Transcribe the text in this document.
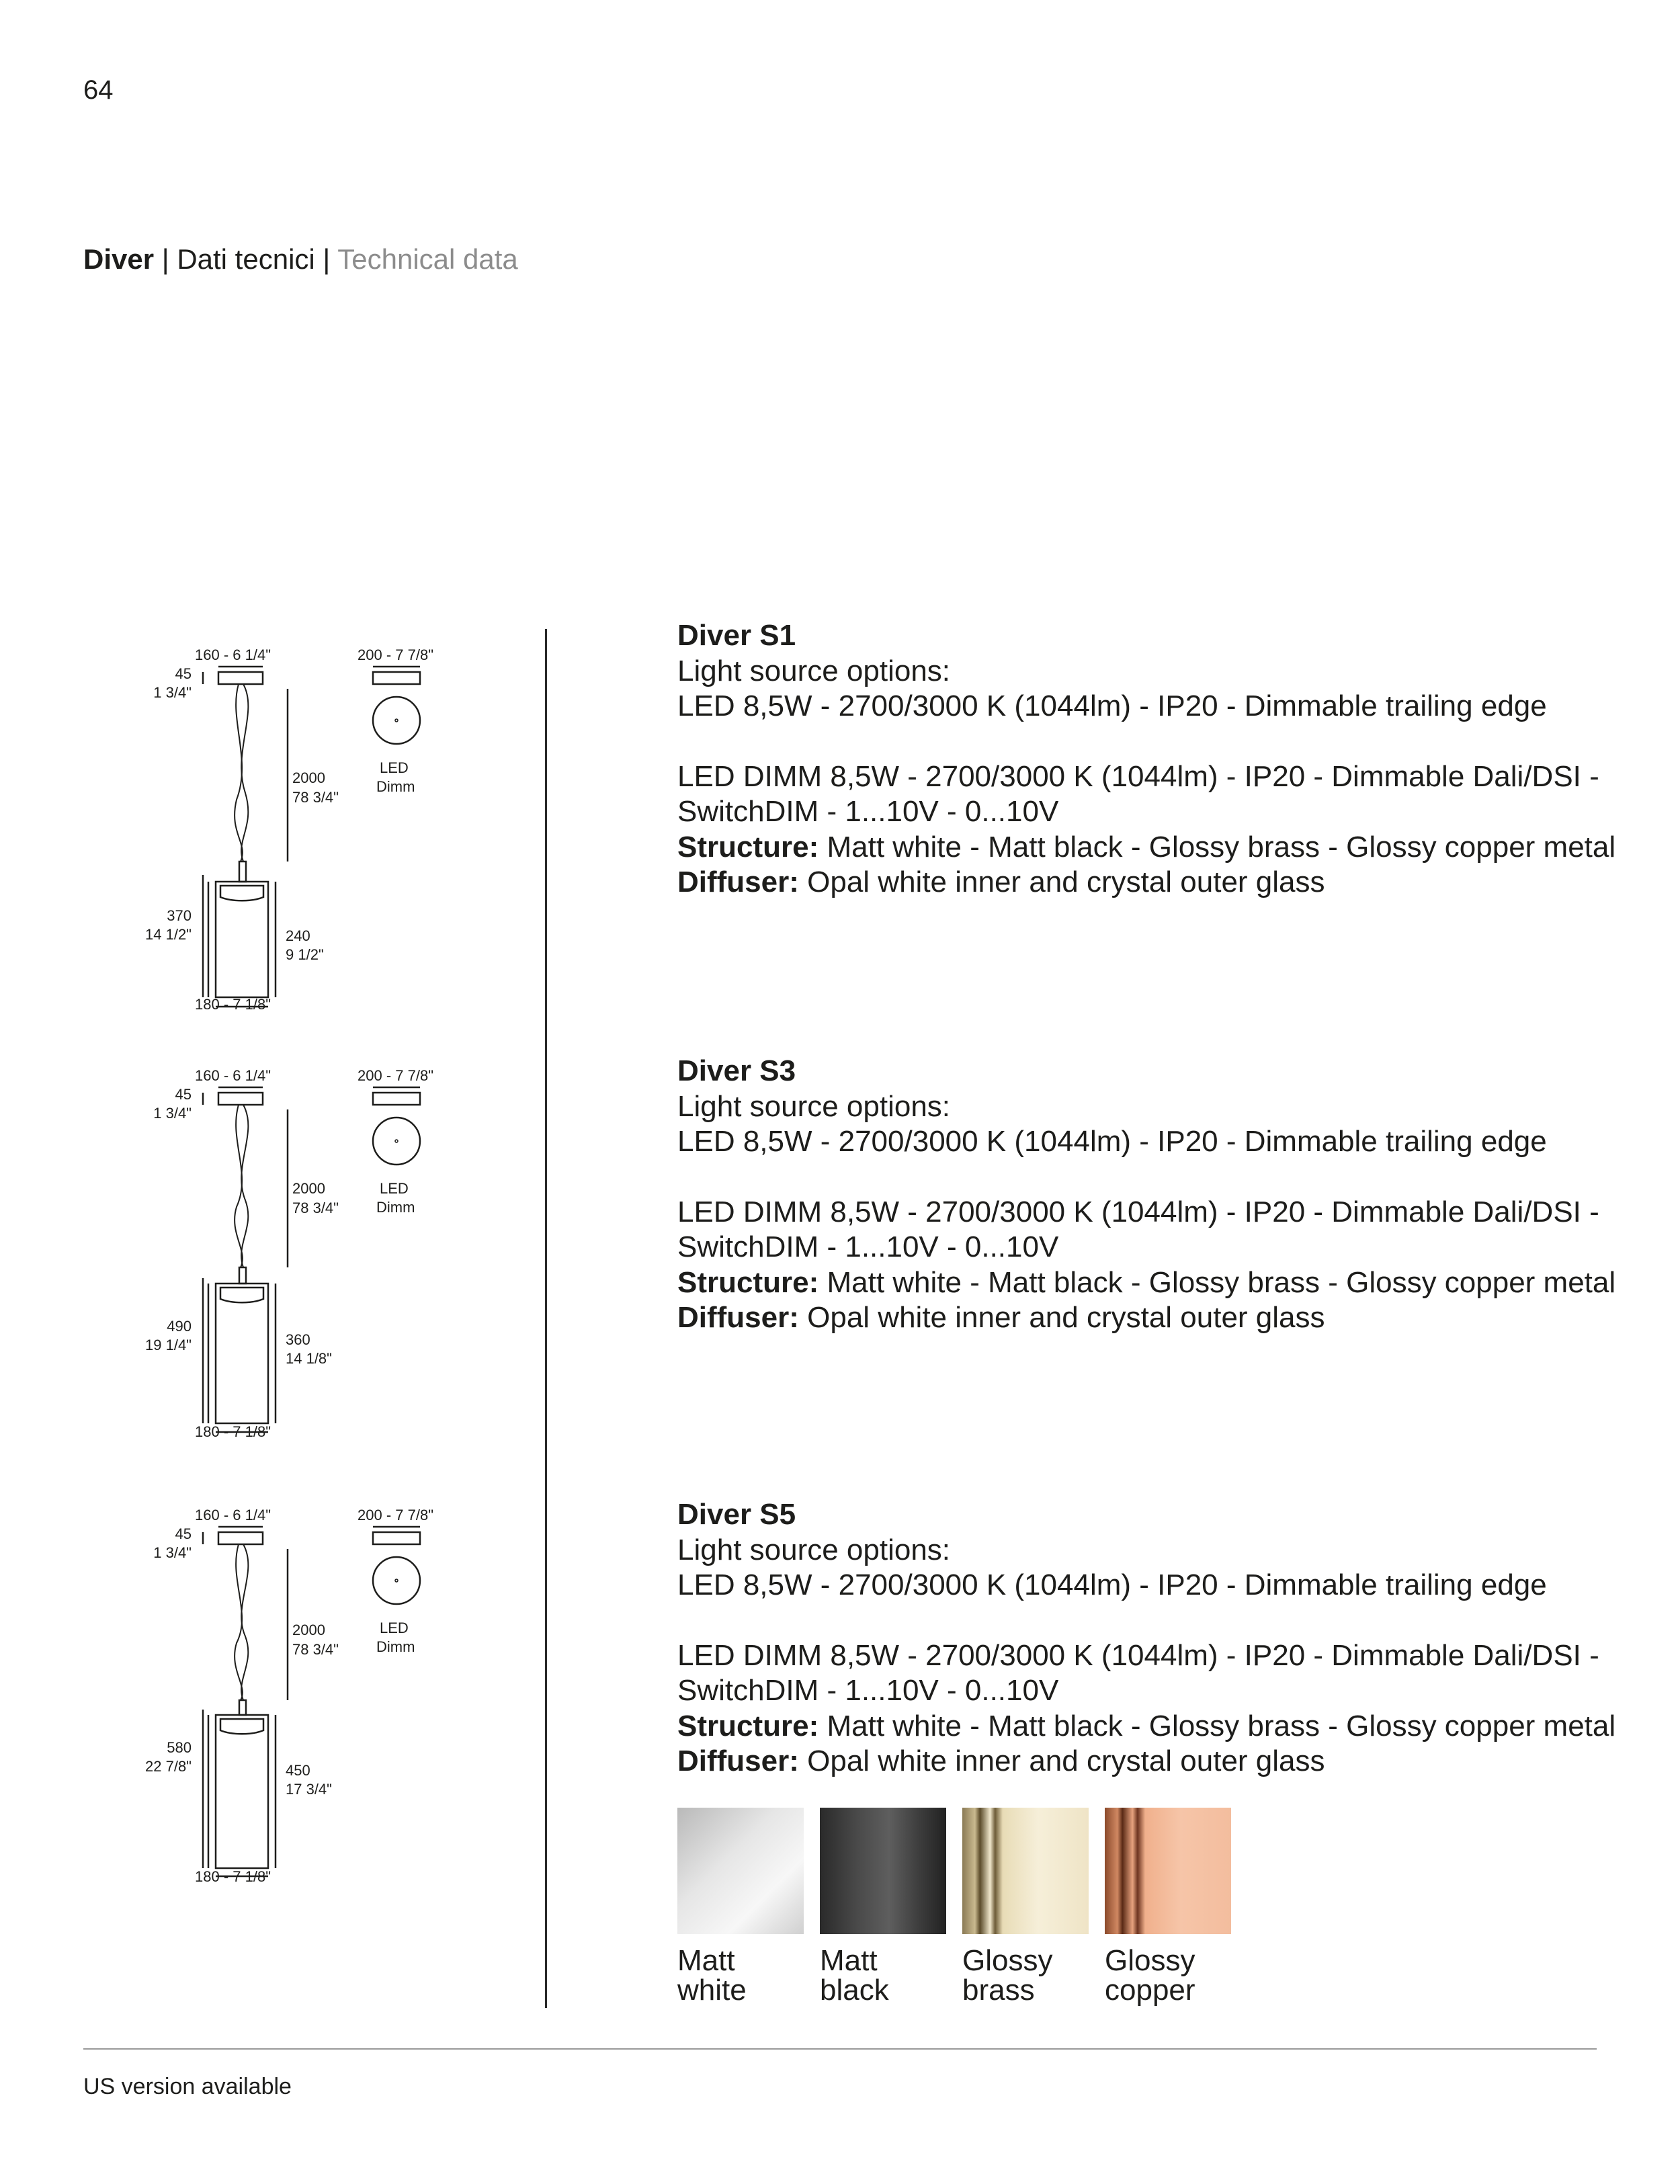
64
Diver | Dati tecnici | Technical data
160 - 6 1/4"	200 - 7 7/8"
45
1 3/4"
LED
Dimm
2000
78 3/4"
370
14 1/2"	240
9 1/2"
180 - 7 1/8"
160 - 6 1/4"	200 - 7 7/8"
45
1 3/4"
LED
Dimm
2000
78 3/4"
490
19 1/4"	360
14 1/8"
180 - 7 1/8"
160 - 6 1/4"	200 - 7 7/8"
45
1 3/4"
LED
Dimm
2000
78 3/4"
580
22 7/8"	450
17 3/4"
180 - 7 1/8"
Diver S1
Light source options:
LED 8,5W - 2700/3000 K (1044lm) - IP20 - Dimmable trailing edge
LED DIMM 8,5W - 2700/3000 K (1044lm) - IP20 - Dimmable Dali/DSI -
SwitchDIM - 1...10V - 0...10V
Structure: Matt white - Matt black - Glossy brass - Glossy copper metal
Diffuser: Opal white inner and crystal outer glass
Diver S3
Light source options:
LED 8,5W - 2700/3000 K (1044lm) - IP20 - Dimmable trailing edge
LED DIMM 8,5W - 2700/3000 K (1044lm) - IP20 - Dimmable Dali/DSI -
SwitchDIM - 1...10V - 0...10V
Structure: Matt white - Matt black - Glossy brass - Glossy copper metal
Diffuser: Opal white inner and crystal outer glass
Diver S5
Light source options:
LED 8,5W - 2700/3000 K (1044lm) - IP20 - Dimmable trailing edge
LED DIMM 8,5W - 2700/3000 K (1044lm) - IP20 - Dimmable Dali/DSI -
SwitchDIM - 1...10V - 0...10V
Structure: Matt white - Matt black - Glossy brass - Glossy copper metal
Diffuser: Opal white inner and crystal outer glass
Matt
white
Matt
black
Glossy
brass
Glossy
copper
US version available
